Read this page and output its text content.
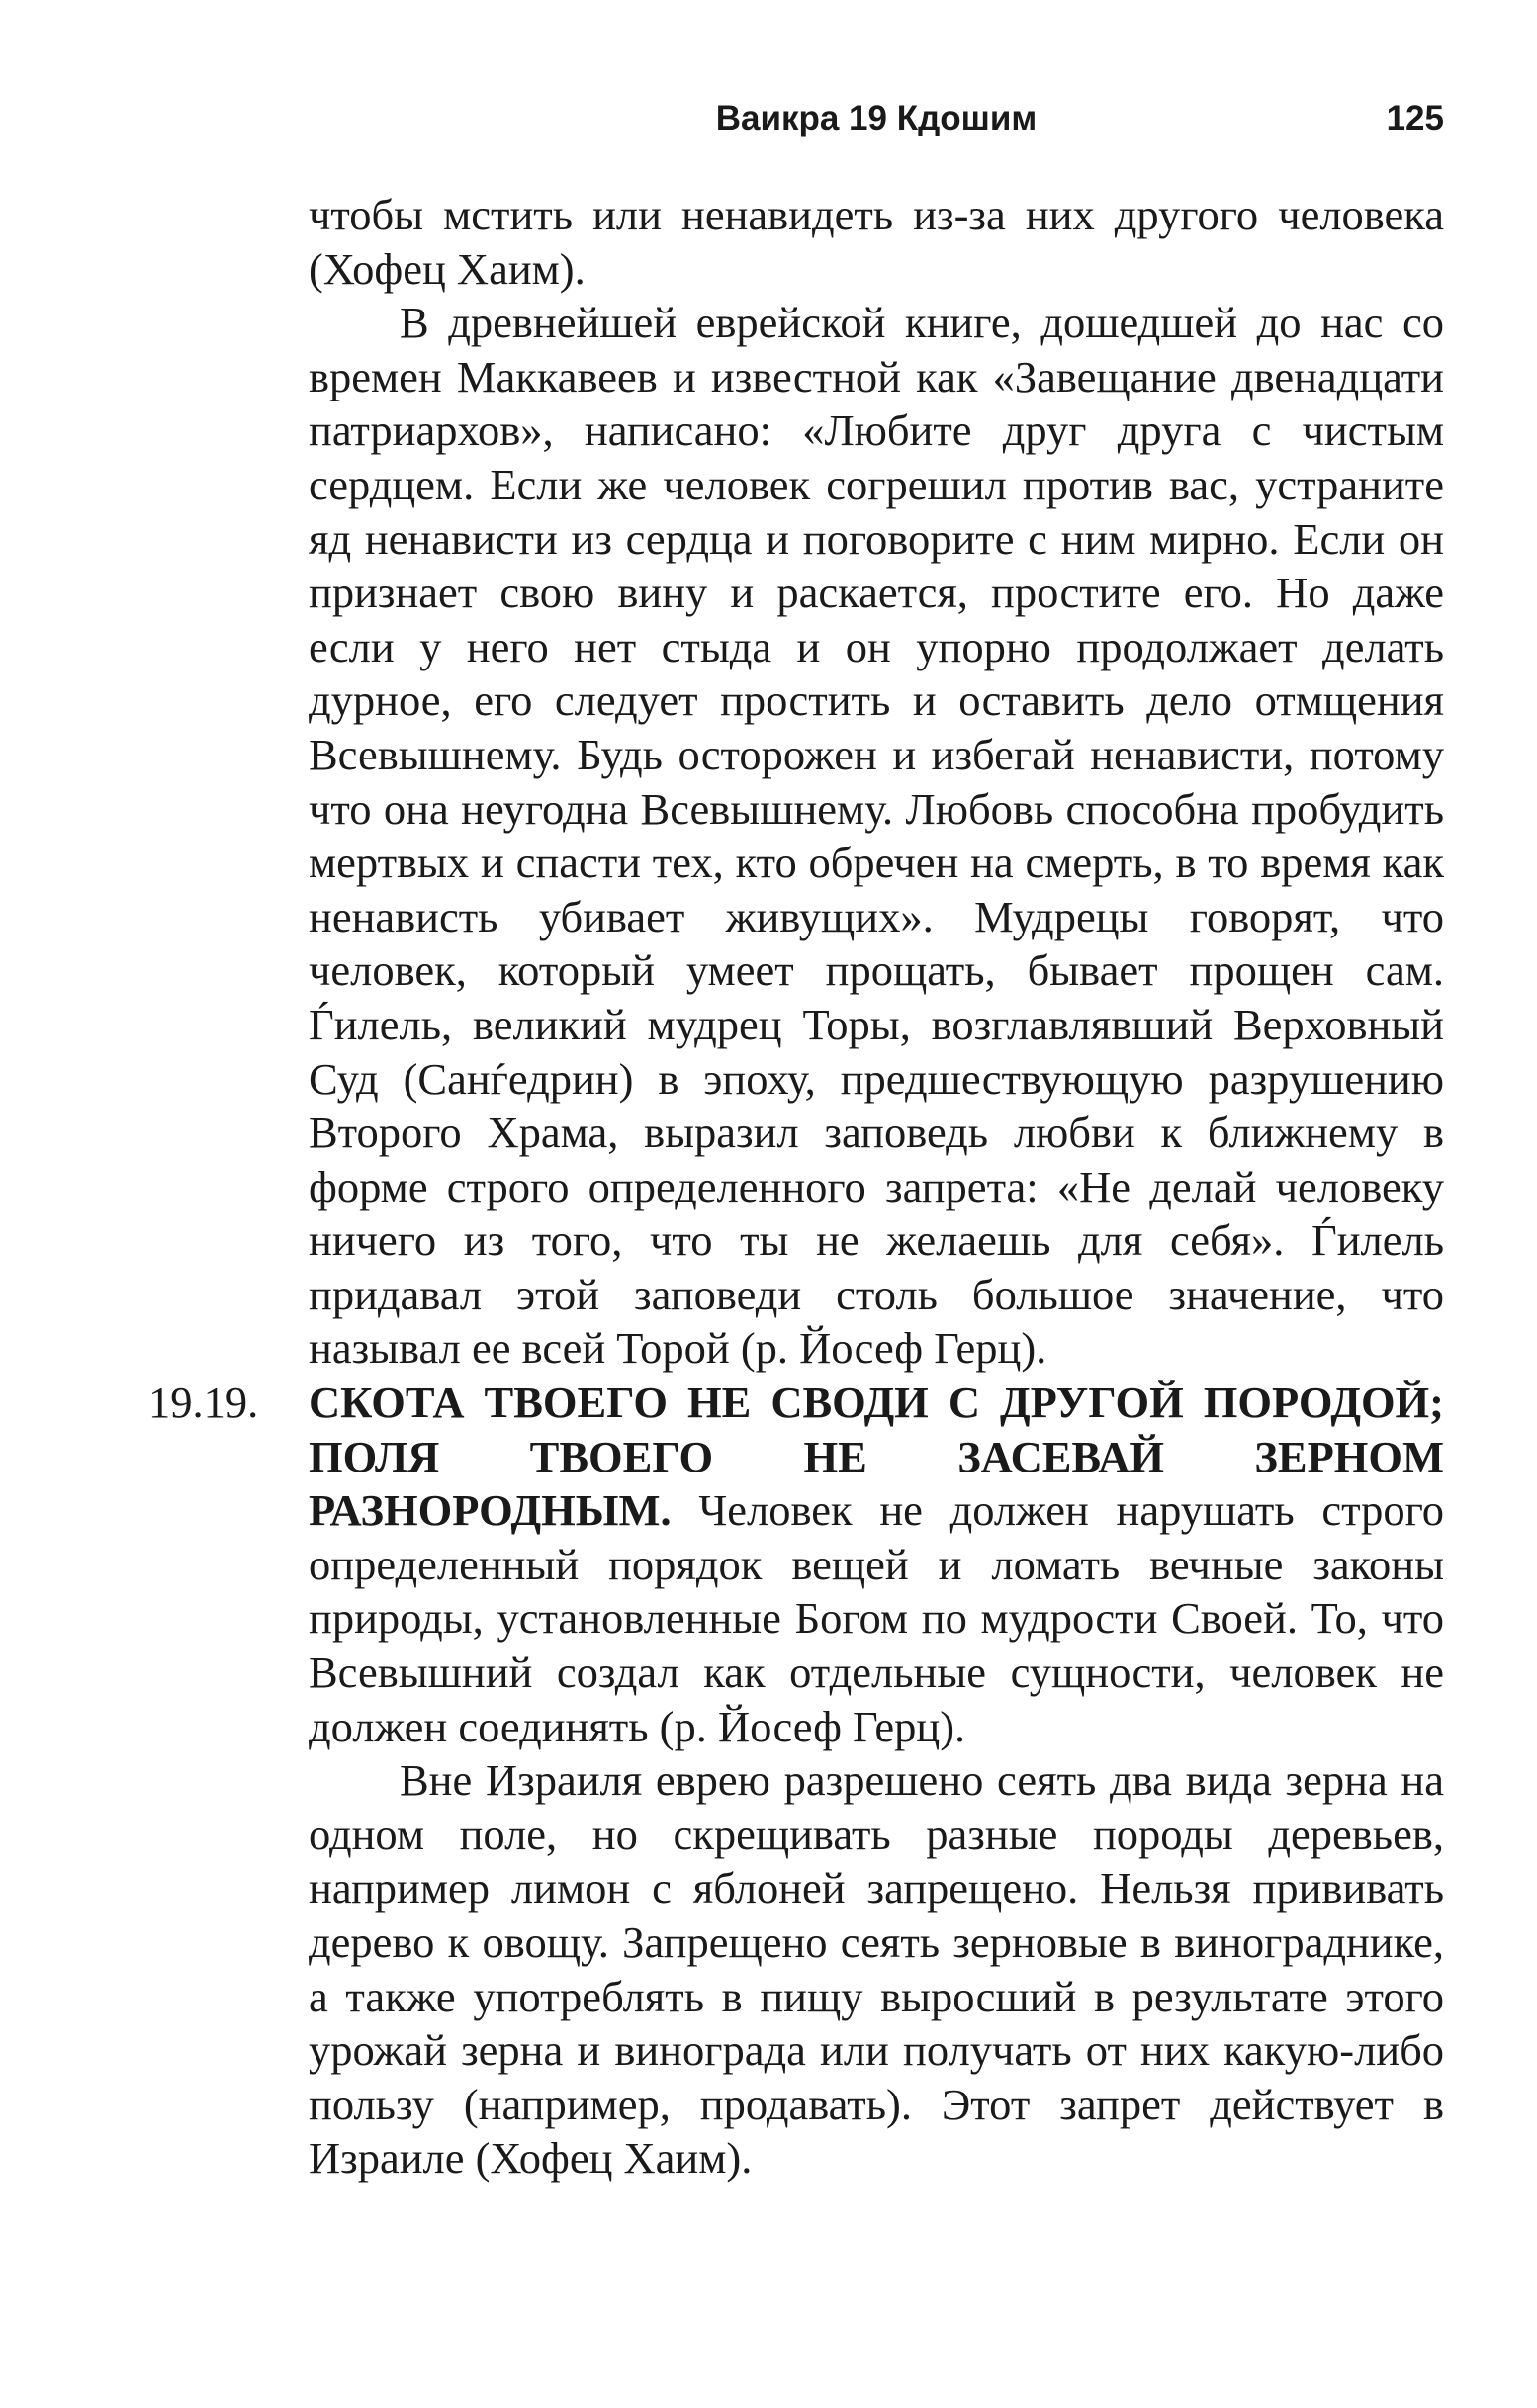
Ваикра 19 Кдошим	125

чтобы мстить или ненавидеть из-за них другого человека (Хофец Хаим).

В древнейшей еврейской книге, дошедшей до нас со времен Маккавеев и известной как «Завещание двенадцати патриархов», написано: «Любите друг друга с чистым сердцем. Если же человек согрешил против вас, устраните яд ненависти из сердца и поговорите с ним мирно. Если он признает свою вину и раскается, простите его. Но даже если у него нет стыда и он упорно продолжает делать дурное, его следует простить и оставить дело отмщения Всевышнему. Будь осторожен и избегай ненависти, потому что она неугодна Всевышнему. Любовь способна пробудить мертвых и спасти тех, кто обречен на смерть, в то время как ненависть убивает живущих». Мудрецы говорят, что человек, который умеет прощать, бывает прощен сам. Ѓилель, великий мудрец Торы, возглавлявший Верховный Суд (Санѓедрин) в эпоху, предшествующую разрушению Второго Храма, выразил заповедь любви к ближнему в форме строго определенного запрета: «Не делай человеку ничего из того, что ты не желаешь для себя». Ѓилель придавал этой заповеди столь большое значение, что называл ее всей Торой (р. Йосеф Герц).

19.19.	СКОТА ТВОЕГО НЕ СВОДИ С ДРУГОЙ ПОРОДОЙ; ПОЛЯ ТВОЕГО НЕ ЗАСЕВАЙ ЗЕРНОМ РАЗНОРОДНЫМ. Человек не должен нарушать строго определенный порядок вещей и ломать вечные законы природы, установленные Богом по мудрости Своей. То, что Всевышний создал как отдельные сущности, человек не должен соединять (р. Йосеф Герц).

Вне Израиля еврею разрешено сеять два вида зерна на одном поле, но скрещивать разные породы деревьев, например лимон с яблоней запрещено. Нельзя прививать дерево к овощу. Запрещено сеять зерновые в винограднике, а также употреблять в пищу выросший в результате этого урожай зерна и винограда или получать от них какую-либо пользу (например, продавать). Этот запрет действует в Израиле (Хофец Хаим).
